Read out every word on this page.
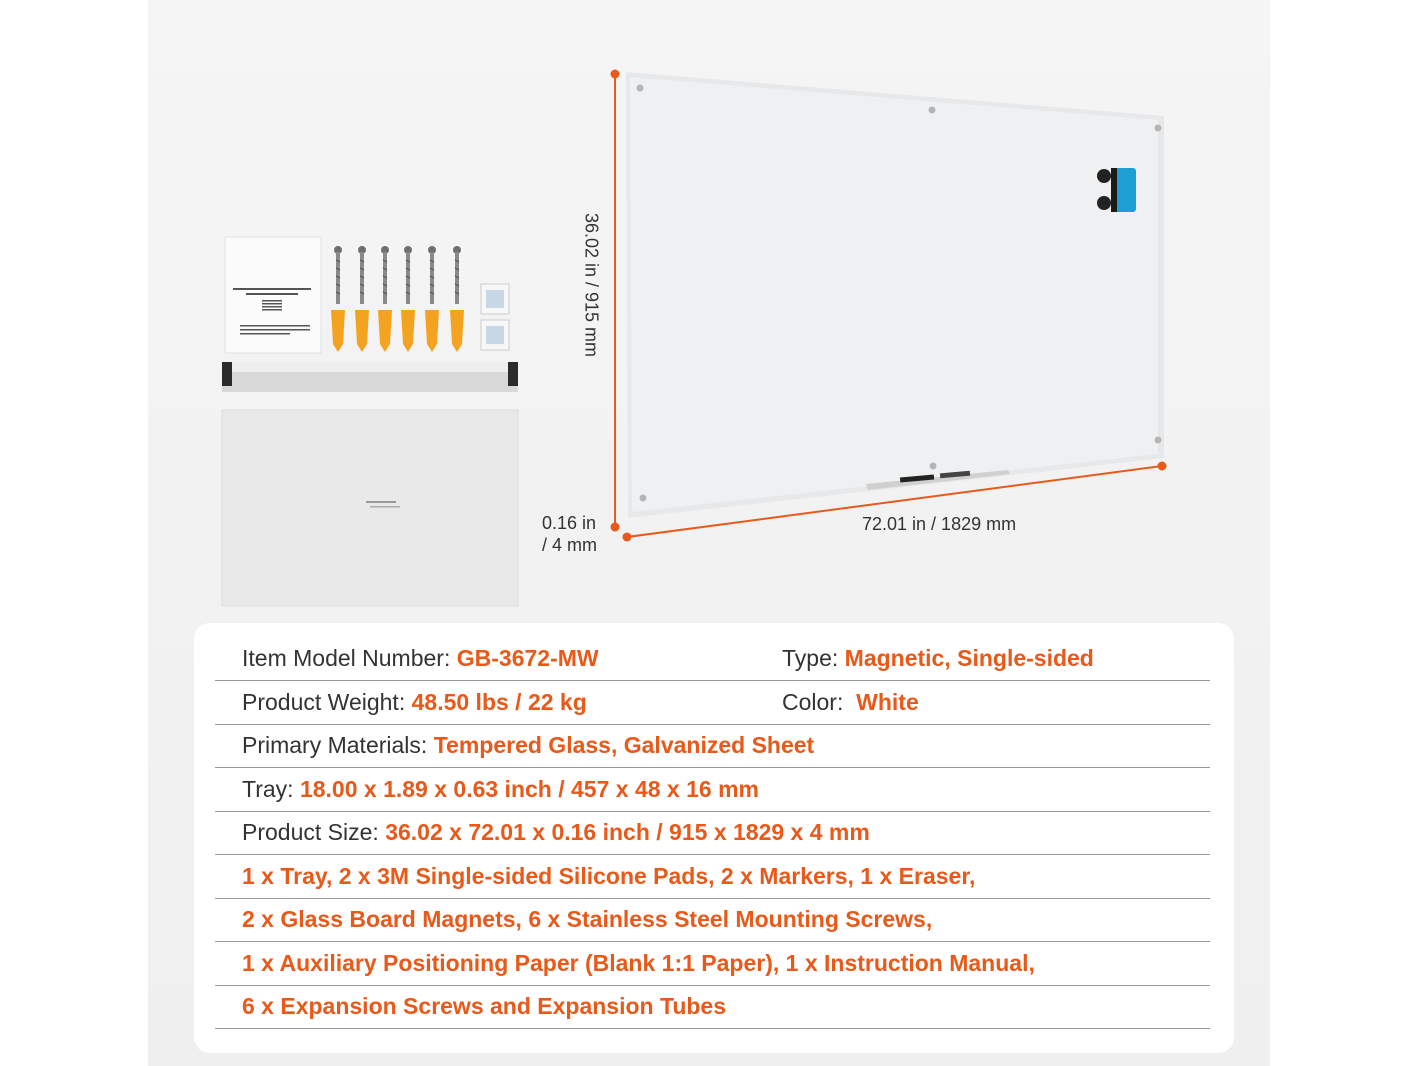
36.02 in / 915 mm
72.01 in / 1829 mm
0.16 in
/ 4 mm
Item Model Number: GB-3672-MW	Type: Magnetic, Single-sided
Product Weight: 48.50 lbs / 22 kg	Color: White
Primary Materials: Tempered Glass, Galvanized Sheet
Tray: 18.00 x 1.89 x 0.63 inch / 457 x 48 x 16 mm
Product Size: 36.02 x 72.01 x 0.16 inch / 915 x 1829 x 4 mm
1 x Tray, 2 x 3M Single-sided Silicone Pads, 2 x Markers, 1 x Eraser,
2 x Glass Board Magnets, 6 x Stainless Steel Mounting Screws,
1 x Auxiliary Positioning Paper (Blank 1:1 Paper), 1 x Instruction Manual,
6 x Expansion Screws and Expansion Tubes
